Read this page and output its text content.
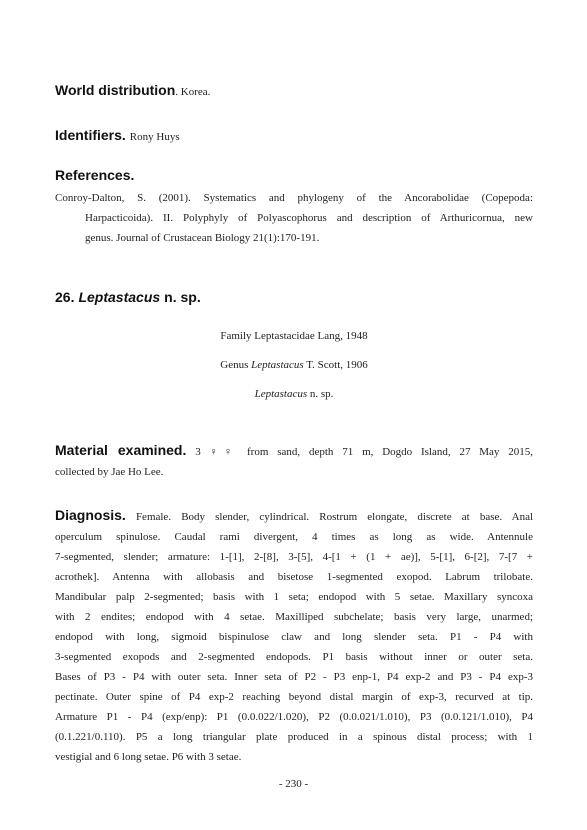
World distribution. Korea.
Identifiers. Rony Huys
References.
Conroy-Dalton, S. (2001). Systematics and phylogeny of the Ancorabolidae (Copepoda:
Harpacticoida). II. Polyphyly of Polyascophorus and description of Arthuricornua, new
genus. Journal of Crustacean Biology 21(1):170-191.
26. Leptastacus n. sp.
Family Leptastacidae Lang, 1948
Genus Leptastacus T. Scott, 1906
Leptastacus n. sp.
Material examined. 3 ♀♀ from sand, depth 71 m, Dogdo Island, 27 May 2015,
collected by Jae Ho Lee.
Diagnosis. Female. Body slender, cylindrical. Rostrum elongate, discrete at base. Anal
operculum spinulose. Caudal rami divergent, 4 times as long as wide. Antennule
7-segmented, slender; armature: 1-[1], 2-[8], 3-[5], 4-[1 + (1 + ae)], 5-[1], 6-[2], 7-[7 +
acrothek]. Antenna with allobasis and bisetose 1-segmented exopod. Labrum trilobate.
Mandibular palp 2-segmented; basis with 1 seta; endopod with 5 setae. Maxillary syncoxa
with 2 endites; endopod with 4 setae. Maxilliped subchelate; basis very large, unarmed;
endopod with long, sigmoid bispinulose claw and long slender seta. P1 - P4 with
3-segmented exopods and 2-segmented endopods. P1 basis without inner or outer seta.
Bases of P3 - P4 with outer seta. Inner seta of P2 - P3 enp-1, P4 exp-2 and P3 - P4 exp-3
pectinate. Outer spine of P4 exp-2 reaching beyond distal margin of exp-3, recurved at tip.
Armature P1 - P4 (exp/enp): P1 (0.0.022/1.020), P2 (0.0.021/1.010), P3 (0.0.121/1.010), P4
(0.1.221/0.110). P5 a long triangular plate produced in a spinous distal process; with 1
vestigial and 6 long setae. P6 with 3 setae.
- 230 -
